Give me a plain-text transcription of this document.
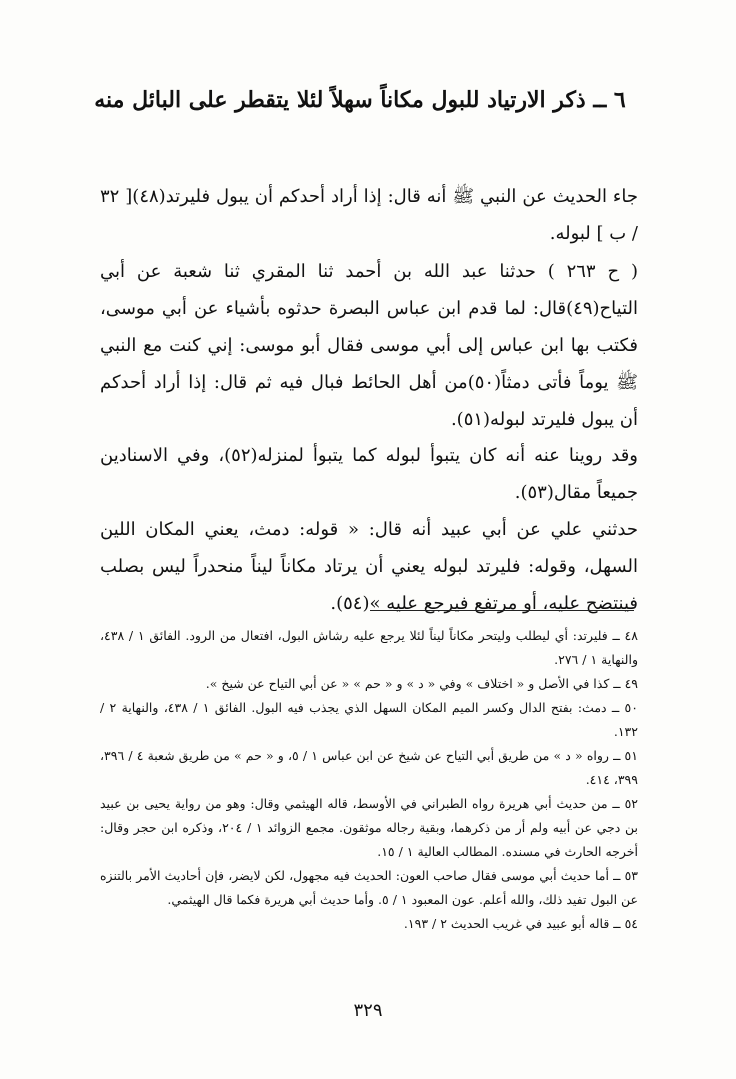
٦ ــ ذكر الارتياد للبول مكاناً سهلاً لئلا يتقطر على البائل منه

جاء الحديث عن النبي ﷺ أنه قال: إذا أراد أحدكم أن يبول فليرتد(٤٨)[ ٣٢ / ب ] لبوله.

( ح ٢٦٣ ) حدثنا عبد الله بن أحمد ثنا المقري ثنا شعبة عن أبي التياح(٤٩)قال: لما قدم ابن عباس البصرة حدثوه بأشياء عن أبي موسى، فكتب بها ابن عباس إلى أبي موسى فقال أبو موسى: إني كنت مع النبي ﷺ يوماً فأتى دمثاً(٥٠)من أهل الحائط فبال فيه ثم قال: إذا أراد أحدكم أن يبول فليرتد لبوله(٥١).

وقد روينا عنه أنه كان يتبوأ لبوله كما يتبوأ لمنزله(٥٢)، وفي الاسنادين جميعاً مقال(٥٣).

حدثني علي عن أبي عبيد أنه قال: « قوله: دمث، يعني المكان اللين السهل، وقوله: فليرتد لبوله يعني أن يرتاد مكاناً ليناً منحدراً ليس بصلب فينتضح عليه، أو مرتفع فيرجع عليه »(٥٤).

٤٨ ــ فليرتد: أي ليطلب وليتحر مكاناً ليناً لئلا يرجع عليه رشاش البول، افتعال من الرود. الفائق ١ / ٤٣٨، والنهاية ١ / ٢٧٦.

٤٩ ــ كذا في الأصل و « اختلاف » وفي « د » و « حم » « عن أبي التياح عن شيخ ».

٥٠ ــ دمث: بفتح الدال وكسر الميم المكان السهل الذي يجذب فيه البول. الفائق ١ / ٤٣٨، والنهاية ٢ / ١٣٢.

٥١ ــ رواه « د » من طريق أبي التياح عن شيخ عن ابن عباس ١ / ٥، و « حم » من طريق شعبة ٤ / ٣٩٦، ٣٩٩، ٤١٤.

٥٢ ــ من حديث أبي هريرة رواه الطبراني في الأوسط، قاله الهيثمي وقال: وهو من رواية يحيى بن عبيد بن دجي عن أبيه ولم أر من ذكرهما، وبقية رجاله موثقون. مجمع الزوائد ١ / ٢٠٤، وذكره ابن حجر وقال: أخرجه الحارث في مسنده. المطالب العالية ١ / ١٥.

٥٣ ــ أما حديث أبي موسى فقال صاحب العون: الحديث فيه مجهول، لكن لايضر، فإن أحاديث الأمر بالتنزه عن البول تفيد ذلك، والله أعلم. عون المعبود ١ / ٥. وأما حديث أبي هريرة فكما قال الهيثمي.

٥٤ ــ قاله أبو عبيد في غريب الحديث ٢ / ١٩٣.

٣٢٩
